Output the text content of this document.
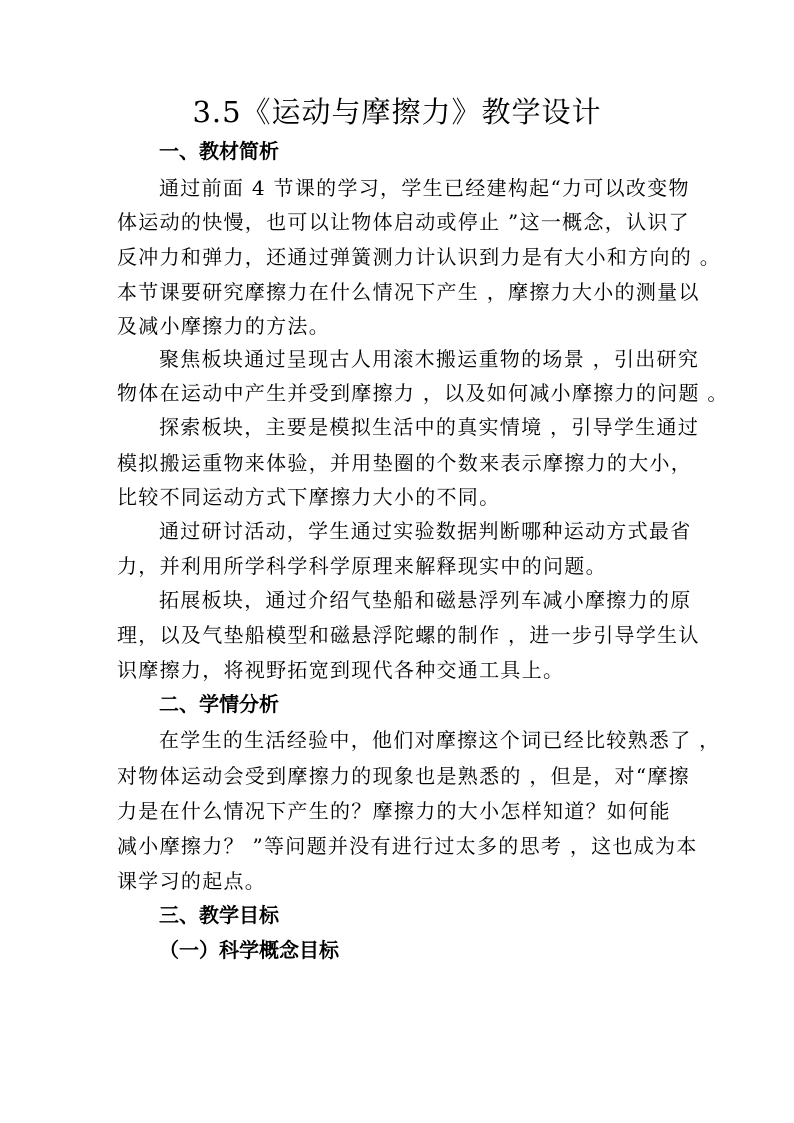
3.5《运动与摩擦力》教学设计
一、教材简析
通过前面 4 节课的学习，学生已经建构起“力可以改变物
体运动的快慢，也可以让物体启动或停止 ”这一概念，认识了
反冲力和弹力，还通过弹簧测力计认识到力是有大小和方向的 。
本节课要研究摩擦力在什么情况下产生 ，摩擦力大小的测量以
及减小摩擦力的方法。
聚焦板块通过呈现古人用滚木搬运重物的场景 ，引出研究
物体在运动中产生并受到摩擦力 ，以及如何减小摩擦力的问题 。
探索板块，主要是模拟生活中的真实情境 ，引导学生通过
模拟搬运重物来体验，并用垫圈的个数来表示摩擦力的大小，
比较不同运动方式下摩擦力大小的不同。
通过研讨活动，学生通过实验数据判断哪种运动方式最省
力，并利用所学科学科学原理来解释现实中的问题。
拓展板块，通过介绍气垫船和磁悬浮列车减小摩擦力的原
理，以及气垫船模型和磁悬浮陀螺的制作 ，进一步引导学生认
识摩擦力，将视野拓宽到现代各种交通工具上。
二、学情分析
在学生的生活经验中，他们对摩擦这个词已经比较熟悉了 ，
对物体运动会受到摩擦力的现象也是熟悉的 ，但是，对“摩擦
力是在什么情况下产生的？摩擦力的大小怎样知道？如何能
减小摩擦力？ ”等问题并没有进行过太多的思考 ，这也成为本
课学习的起点。
三、教学目标
（一）科学概念目标
